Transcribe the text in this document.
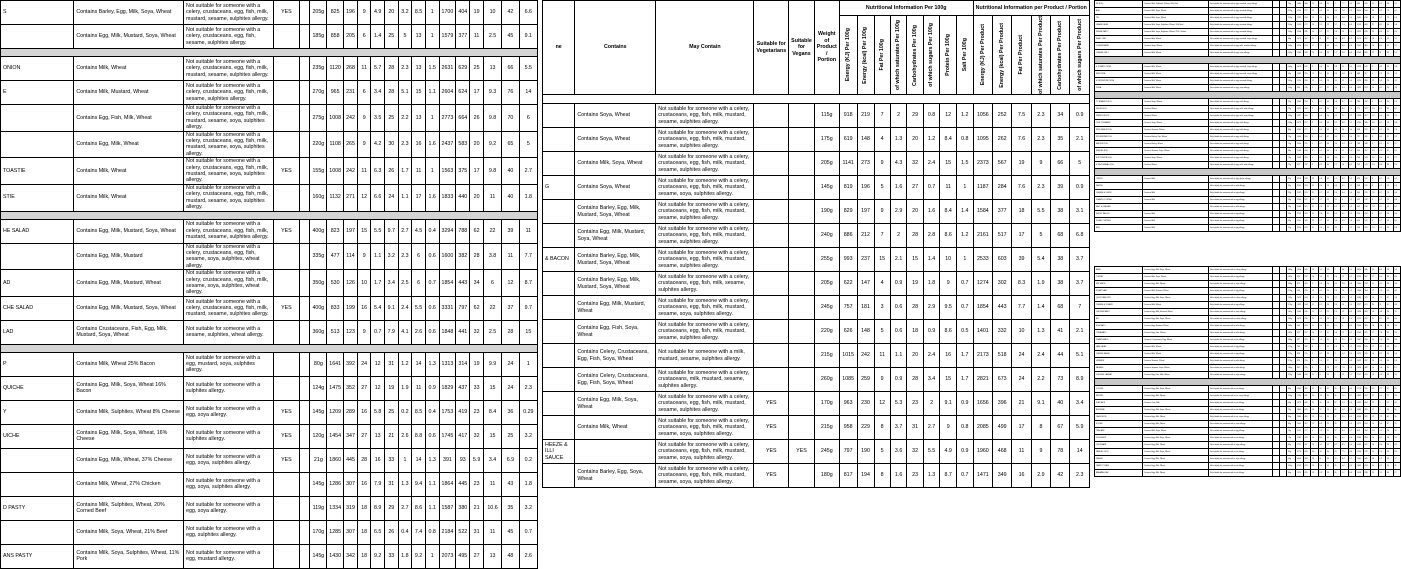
S	Contains Barley, Egg, Milk, Soya, Wheat	Not suitable for someone with a celery, crustaceans, egg, fish, milk, mustard, sesame, sulphites allergy.	YES		205g	825	196	9	4.9	20	3.2	8.5	1	1700	404	19	10	42	6.6
	Contains Egg, Milk, Mustard, Soya, Wheat	Not suitable for someone with a celery, crustaceans, egg, fish, sesame, sulphites allergy.			185g	858	205	6	1.4	25	5	13	1	1579	377	11	2.5	45	9.1

ONION	Contains Milk, Wheat	Not suitable for someone with a celery, crustaceans, egg, fish, milk, mustard, sesame, sulphites allergy.			235g	1120	268	11	5.7	28	2.3	13	1.5	2631	629	25	13	66	5.5
E	Contains Milk, Mustard, Wheat	Not suitable for someone with a celery, crustaceans, egg, fish, milk, sesame, sulphites allergy.			270g	965	231	6	3.4	28	5.1	15	1.1	2604	624	17	9.3	76	14
	Contains Egg, Fish, Milk, Wheat	Not suitable for someone with a celery, crustaceans, egg, fish, milk, mustard, sesame, soya, sulphites allergy.			275g	1008	242	9	3.5	25	2.2	13	1	2773	664	26	9.8	70	6
	Contains Egg, Milk, Wheat	Not suitable for someone with a celery, crustaceans, egg, fish, milk, mustard, sesame, soya, sulphites allergy.			220g	1108	265	9	4.2	30	2.3	16	1.6	2437	583	20	9.2	65	5
TOASTIE	Contains Milk, Wheat	Not suitable for someone with a celery, crustaceans, egg, fish, milk, mustard, sesame, soya, sulphites allergy.	YES		155g	1008	242	11	6.3	26	1.7	11	1	1563	375	17	9.8	40	2.7
STIE	Contains Milk, Wheat	Not suitable for someone with a celery, crustaceans, egg, fish, milk, mustard, sesame, soya, sulphites allergy.			160g	1132	271	12	6.6	24	1.1	17	1.6	1833	440	20	11	40	1.8

HE SALAD	Contains Egg, Milk, Mustard, Soya, Wheat	Not suitable for someone with a celery, crustaceans, egg, fish, milk, mustard, sesame, sulphites allergy.	YES		400g	823	197	15	5.5	9.7	2.7	4.5	0.4	3294	788	62	22	39	11
	Contains Egg, Milk, Mustard	Not suitable for someone with a celery, crustaceans, egg, fish, sesame, soya, sulphites, wheat allergy.			335g	477	114	9	1.1	3.2	2.3	6	0.6	1600	382	28	3.8	11	7.7
AD	Contains Egg, Milk, Mustard, Wheat	Not suitable for someone with a celery, crustaceans, egg, fish, milk, sesame, soya, sulphites, wheat allergy.			350g	530	126	10	1.7	3.4	2.5	6	0.7	1854	443	34	6	12	8.7
CHE SALAD	Contains Egg, Milk, Mustard, Soya, Wheat	Not suitable for someone with a celery, crustaceans, egg, fish, milk, mustard, sesame, sulphites allergy.	YES		400g	833	199	16	5.4	9.1	2.4	5.5	0.6	3331	797	62	22	37	9.7
LAD	Contains Crustaceans, Fish, Egg, Milk, Mustard, Soya, Wheat	Not suitable for someone with a sesame, sulphites, wheat allergy.			360g	513	123	9	0.7	7.9	4.1	2.6	0.6	1848	441	32	2.5	28	15

P	Contains Milk, Wheat 25% Bacon	Not suitable for someone with a egg, mustard, soya, sulphites allergy.			80g	1641	392	24	12	31	1.2	14	1.3	1313	314	19	9.9	24	1
QUICHE	Contains Egg, Milk, Soya, Wheat 16% Bacon	Not suitable for someone with a sulphites allergy.			124g	1475	352	27	12	19	1.9	11	0.9	1829	437	33	15	24	2.3
Y	Contains Milk, Sulphites, Wheat 8% Cheese	Not suitable for someone with a egg, soya allergy.	YES		145g	1209	289	16	5.8	25	0.2	8.5	0.4	1753	419	23	8.4	36	0.29
UICHE	Contains Egg, Milk, Soya, Wheat, 16% Cheese	Not suitable for someone with a sulphites allergy.	YES		120g	1454	347	27	13	21	2.6	8.8	0.6	1745	417	32	15	25	3.2
	Contains Egg, Milk, Wheat, 37% Cheese	Not suitable for someone with a egg, soya, sulphites allergy.	YES		21g	1860	445	28	16	33	1	14	1.3	391	93	5.9	3.4	6.9	0.2
	Contains Milk, Wheat, 27% Chicken	Not suitable for someone with a egg, soya, sulphites allergy.			145g	1286	307	16	7.9	31	1.3	9.4	1.1	1864	445	23	11	43	1.8
D PASTY	Contains Milk, Sulphites, Wheat, 20% Corned Beef	Not suitable for someone with a egg, soya allergy.			119g	1334	319	18	8.9	29	2.7	8.6	1.1	1587	380	21	10.6	35	3.2
	Contains Milk, Soya, Wheat, 21% Beef	Not suitable for someone with a egg, sulphites allergy.			170g	1285	307	18	6.5	26	0.4	7.4	0.8	2184	522	31	11	45	0.7
ANS PASTY	Contains Milk, Soya, Sulphites, Wheat, 11% Pork	Not suitable for someone with a egg, mustard allergy.			145g	1430	342	18	9.2	33	1.8	9.2	1	2073	495	27	13	48	2.6
ne	Contains	May Contain	Suitable for Vegetarians	Suitable for Vegans	Weight of Product / Portion	Nutritional Information Per 100g								Nutritional Information per Product / Portion					

						Energy (KJ) Per 100g	Energy (kcal) Per 100g	Fat Per 100g	of which saturates Per 100g	Carbohydrates Per 100g	of which sugars Per 100g	Protein Per 100g	Salt Per 100g	Energy (KJ) Per Product	Energy (kcal) Per Product	Fat Per Product	of which saturates Per Product	Carbohydrates Per Product	of which sugars Per Product

	Contains Soya, Wheat	Not suitable for someone with a celery, crustaceans, egg, fish, milk, mustard, sesame, sulphites allergy.			115g	918	219	7	2	29	0.8	12	1.2	1056	252	7.5	2.3	34	0.9
	Contains Soya, Wheat	Not suitable for someone with a celery, crustaceans, egg, fish, milk, mustard, sesame, sulphites allergy.			175g	619	148	4	1.3	20	1.2	8.4	0.8	1095	262	7.6	2.3	35	2.1
	Contains Milk, Soya, Wheat	Not suitable for someone with a celery, crustaceans, egg, fish, milk, mustard, sesame, sulphites allergy.			205g	1141	273	9	4.3	32	2.4	15	1.5	2373	567	19	9	66	5
G	Contains Soya, Wheat	Not suitable for someone with a celery, crustaceans, egg, fish, milk, mustard, sesame, soya, sulphites allergy.			145g	819	196	5	1.6	27	0.7	11	1	1187	284	7.6	2.3	39	0.9
	Contains Barley, Egg, Milk, Mustard, Soya, Wheat	Not suitable for someone with a celery, crustaceans, egg, fish, milk, mustard, sesame, sulphites allergy.			190g	829	197	9	2.9	20	1.6	8.4	1.4	1584	377	18	5.5	38	3.1
	Contains Egg, Milk, Mustard, Soya, Wheat	Not suitable for someone with a celery, crustaceans, egg, fish, milk, mustard, sesame, sulphites allergy.			240g	886	212	7	2	28	2.8	8.6	1.2	2161	517	17	5	68	6.8
& BACON	Contains Barley, Egg, Milk, Mustard, Soya, Wheat	Not suitable for someone with a celery, crustaceans, egg, fish, milk, mustard, sesame, sulphites allergy.			255g	993	237	15	2.1	15	1.4	10	1	2533	603	39	5.4	38	3.7
	Contains Barley, Egg, Milk, Mustard, Soya, Wheat	Not suitable for someone with a celery, crustaceans, egg, fish, milk, sesame, sulphites allergy.			205g	622	147	4	0.9	19	1.8	9	0.7	1274	302	8.3	1.9	38	3.7
	Contains Egg, Milk, Mustard, Wheat	Not suitable for someone with a celery, crustaceans, egg, fish, milk, mustard, sesame, soya, sulphites allergy.			245g	757	181	3	0.6	28	2.9	9.5	0.7	1854	443	7.7	1.4	68	7
	Contains Egg, Fish, Soya, Wheat	Not suitable for someone with a celery, crustaceans, egg, fish, milk, mustard, sesame, sulphites allergy.			220g	626	148	5	0.6	18	0.9	8.6	0.5	1401	332	10	1.3	41	2.1
	Contains Celery, Crustaceans, Egg, Fish, Soya, Wheat	Not suitable for someone with a milk, mustard, sesame, sulphites allergy.			215g	1015	242	11	1.1	20	2.4	16	1.7	2173	518	24	2.4	44	5.1
	Contains Celery, Crustaceans, Egg, Fish, Soya, Wheat	Not suitable for someone with a celery, crustaceans, milk, mustard, sesame, sulphites allergy.			260g	1085	259	9	0.9	28	3.4	15	1.7	2821	673	24	2.2	73	8.9
	Contains Egg, Milk, Soya, Wheat	Not suitable for someone with a celery, crustaceans, egg, fish, milk, mustard, sesame, sulphites allergy.	YES		170g	963	230	12	5.3	23	2	9.1	0.9	1656	396	21	9.1	40	3.4
	Contains Milk, Wheat	Not suitable for someone with a celery, crustaceans, egg, fish, milk, mustard, sesame, soya, sulphites allergy.	YES		215g	958	229	8	3.7	31	2.7	9	0.8	2085	499	17	8	67	5.9
HEEZE & ILLI SAUCE		Not suitable for someone with a celery, crustaceans, egg, fish, milk, mustard, sesame, soya, sulphites allergy.	YES	YES	245g	797	190	5	3.6	32	5.5	4.9	0.9	1960	468	11	9	78	14
	Contains Barley, Egg, Soya, Wheat	Not suitable for someone with a celery, crustaceans, egg, fish, milk, mustard, sesame, soya, sulphites allergy.	YES		180g	817	194	8	1.6	23	1.3	8.7	0.7	1471	349	16	2.9	42	2.3
SE ROLL	Contains Milk, Sulphites, Wheat, 40% Pork	Not suitable for someone with a egg, mustard, soya allergy.			70g	1406	336	22	8.8	23	1	7.7	1.0	984	235	15	6.2	16	0.7
ADE	Contains Milk, Soya, Wheat	Not suitable for someone with a egg, mustard allergy.			215g	1160	277	12	4.3	35	3.1	7.4	0.9	2494	596	26	9.2	75	6.7
TIE	Contains Milk, Soya, Wheat	Not suitable for someone with a egg, mustard allergy.			215g	1232	294	13	4.5	34	2.9	9.6	1.4	2649	633	28	9.7	73	6.2
LEAVED BEEF	Contains Milk, Soya, Sulphites, Wheat, 16% Beef	Not suitable for someone with a egg, mustard allergy.			150g	1139	272	14	5.5	29	3.7	7.3	0.8	1709	408	21	8.3	44	5.6
PENNE PASTY	Contains Milk, Soya, Sulphites, Wheat, 25% Chicken	Not suitable for someone with a egg, mustard allergy.			150g	1208	289	15	5.7	27	2.8	10	1.1	1812	433	23	8.6	41	4.2
WHEY ONLY	Contains Milk, Wheat	Not suitable for someone with a egg, mustard, soya allergy.			80g	1470	351	22	11	31	1.4	6.3	0.5	1176	281	18	8.8	25	1.1
CONVERSIATE	Contains Soya, Wheat	Not suitable for someone with a egg, milk, mustard allergy.			115g	1310	313	17	7.7	32	1.5	8.3	0.8	1507	360	20	8.9	37	1.7
CHEESE ONLY	Contains Milk, Wheat	Not suitable for someone with a egg, soya allergy.			110g	1403	335	20	9.9	29	1.7	9.6	0.9	1543	369	22	11	32	1.9

& TOMATO PIZZA	Contains Milk, Wheat	Not suitable for someone with a egg, mustard, soya allergy.			100g	1013	242	9	4.4	30	3.8	11	1.0	1013	242	9	4.4	30	3.8
MINI PIZZA	Contains Milk, Wheat	Not suitable for someone with a egg, mustard, soya allergy.			45g	1085	259	11	5.1	31	2.6	9.8	0.8	488	117	5	2.3	14	1.2
& PEPPERONI PIZZA	Contains Milk, Wheat	Not suitable for someone with a egg, mustard allergy.			100g	1120	268	12	5.6	28	3.1	12	1.4	1120	268	12	5.6	28	3.1
PIZZA	Contains Milk, Wheat	Not suitable for someone with a egg, soya allergy.			110g	999	239	9	4.1	31	3.9	9.3	0.9	1099	263	10	4.5	34	4.3

TC BRAND ROLLS	Contains Soya, Wheat	Not suitable for someone with a egg, milk allergy.			75g	1061	253	4	0.7	45	2.9	8.7	1.1	796	190	3	0.5	34	2.2
WHITE ROLL	Contains Wheat	Not suitable for someone with a egg, milk, soya allergy.			75g	1029	246	3	0.6	46	2.8	8.4	1.0	772	185	2.3	0.5	35	2.1
FRENCH STICK	Contains Wheat	Not suitable for someone with a egg, milk, soya allergy.			120g	1107	264	1	0.3	54	2.1	9.2	1.2	1328	317	1.2	0.4	65	2.5
TIGE TOSSANES	Contains Soya, Wheat	Not suitable for someone with a egg, milk allergy.			120g	1075	257	3	0.6	48	3.2	8.8	1.1	1290	308	3.6	0.7	58	3.8
WITH SEEDS ROLL	Contains Sesame, Wheat	Not suitable for someone with a egg, milk allergy.			80g	1160	277	7	0.9	42	2.5	10	1.0	928	222	5.6	0.7	34	2.0
RYE BROWN ROLL	Contains Barley, Rye, Wheat	Not suitable for someone with a egg, milk allergy.			75g	1009	241	4	0.6	41	3.3	9.1	1.0	757	181	3	0.5	31	2.5
MALTED ROLL	Contains Barley, Wheat	Not suitable for someone with a egg, milk allergy.			75g	1050	251	4	0.7	43	3.6	9.4	0.9	788	188	3	0.5	32	2.7
SEEDED ROLL	Contains Sesame, Soya, Wheat	Not suitable for someone with a egg, milk allergy.			80g	1188	284	8	1.1	40	2.8	11	1.0	950	227	6.4	0.9	32	2.2
SOFT WHITE ROLL	Contains Soya, Wheat	Not suitable for someone with a egg, milk allergy.			70g	1092	261	4	0.9	46	3.9	8.5	1.0	764	183	2.8	0.6	32	2.7
& WHOLEMEAL ROLL	Contains Wheat	Not suitable for someone with a egg, milk, soya allergy.			75g	991	237	3	0.5	40	2.7	10	0.9	743	178	2.3	0.4	30	2.0

CRISPS	Contains Milk	Not suitable for someone with a egg, gluten allergy.			25g	2210	528	32	2.8	52	2.1	6.2	1.3	553	132	8	0.7	13	0.5
SALTED		Not suitable for someone with a milk allergy.			25g	2190	524	32	2.6	53	0.6	6.1	1.2	548	131	8	0.7	13	0.2
CHEESE & ONION	Contains Milk	Not suitable for someone with a egg allergy.			25g	2197	525	31	2.7	53	2.4	6.4	1.4	549	131	7.8	0.7	13	0.6
PRAWN COCKTAIL	Contains Milk	Not suitable for someone with a egg allergy.			25g	2204	527	32	2.7	52	3.1	6	1.2	551	132	8	0.7	13	0.8
SALT & VINEGAR		Not suitable for someone with a milk allergy.			25g	2180	521	31	2.6	53	0.5	6.1	1.9	545	130	7.8	0.7	13	0.1
SMOKY BACON	Contains Milk	Not suitable for someone with a egg allergy.			25g	2212	529	32	2.8	52	2.2	6.5	1.3	553	132	8	0.7	13	0.6
ROAST CHICKEN	Contains Milk	Not suitable for someone with a egg allergy.			25g	2201	526	32	2.7	52	1.8	6.3	1.3	550	132	8	0.7	13	0.5
BBQ	Contains Milk	Not suitable for someone with a egg allergy.			25g	2190	523	31	2.6	53	3.3	6	1.2	548	131	7.8	0.7	13	0.8
BEEF	Contains Egg, Milk, Soya, Wheat	Not suitable for someone with a celery allergy.			160g	1010	241	13	5.2	21	2	10	1.1	1616	386	21	8.3	34	3.2
TURKEY	Contains Milk, Soya, Wheat	Not suitable for someone with a egg allergy.			165g	930	222	10	3.9	22	2.4	11	1.2	1535	367	17	6.4	36	4.0
MIX WHITE	Contains Egg, Milk, Wheat	Not suitable for someone with a soya allergy.			160g	875	209	9	2.8	24	2.1	8.8	0.8	1400	334	14	4.5	38	3.4
ROAST HAM	Contains Milk, Mustard, Wheat	Not suitable for someone with a egg allergy.			170g	946	226	10	4.1	23	2.9	10	1.5	1608	384	17	7.0	39	4.9
QUICK SAVOURY	Contains Egg, Milk, Soya, Wheat	Not suitable for someone with a celery allergy.			155g	1023	244	12	4.6	24	2.2	9.5	1.2	1586	379	19	7.1	37	3.4
CHEESE & TOMATO	Contains Milk, Wheat	Not suitable for someone with a egg allergy.			170g	1022	244	12	6.2	24	2.8	10	1.0	1737	415	20	11	41	4.8
CHICKEN MAYO	Contains Egg, Milk, Mustard, Wheat	Not suitable for someone with a soya allergy.			165g	1005	240	11	2.2	22	1.9	12	0.9	1658	396	18	3.6	36	3.1
BLT	Contains Egg, Milk, Soya, Wheat	Not suitable for someone with a celery allergy.			160g	1078	258	13	3.9	24	2.5	10	1.4	1725	412	21	6.2	38	4.0
EGG MAYO	Contains Egg, Mustard, Wheat	Not suitable for someone with a milk allergy.			160g	943	225	11	2.4	21	2.1	9	0.9	1509	360	18	3.8	34	3.4
TUNA MAYO	Contains Egg, Fish, Wheat	Not suitable for someone with a milk allergy.			165g	951	227	10	1.7	21	1.8	12	1.1	1569	375	17	2.8	35	3.0
PRAWN MAYO	Contains Crustaceans, Egg, Wheat	Not suitable for someone with a fish allergy.			160g	917	219	10	1.5	21	2.2	9.5	1.0	1467	350	16	2.4	34	3.5
HAM SALAD	Contains Milk, Wheat	Not suitable for someone with a egg allergy.			175g	760	182	6	2	22	2.9	10	1.3	1330	318	11	3.5	39	5.1
CHEESE SALAD	Contains Milk, Wheat	Not suitable for someone with a egg allergy.			175g	898	215	9	4.7	23	3	9.4	0.9	1572	376	16	8.2	40	5.3
HUMMUS	Contains Sesame, Wheat	Not suitable for someone with a milk allergy.			170g	878	210	8	1.1	27	3.4	7	0.8	1493	357	14	1.9	46	5.8
FALAFEL	Contains Sesame, Soya, Wheat	Not suitable for someone with a milk allergy.			180g	902	216	8	1	28	3.7	7.6	0.9	1624	389	14	1.8	50	6.7
CHICKEN CAESAR	Contains Egg, Fish, Milk, Wheat	Not suitable for someone with a soya allergy.			175g	1004	240	11	3	22	2	13	1.1	1757	420	19	5.3	39	3.5

COOKIE	Contains Egg, Milk, Soya, Wheat	Not suitable for someone with a nut allergy.			60g	1960	468	22	12	61	33	5.5	0.6	1176	281	13	7.2	37	20
MUFFIN	Contains Egg, Milk, Wheat	Not suitable for someone with a nut, soya allergy.			110g	1720	411	20	3.3	52	30	5.6	0.7	1892	452	22	3.6	57	33
FLAPJACK	Contains Oats, Milk	Not suitable for someone with a nut allergy.			90g	1879	449	21	10	58	31	5.3	0.4	1691	404	19	9	52	28
BROWNIE	Contains Egg, Milk, Soya, Wheat	Not suitable for someone with a nut allergy.			75g	1844	441	23	12	53	40	5.4	0.3	1383	331	17	9	40	30
CAKE SLICE	Contains Egg, Milk, Wheat	Not suitable for someone with a nut, soya allergy.			80g	1683	402	19	9.9	53	37	4.9	0.5	1346	322	15	7.9	42	30
SCONE	Contains Egg, Milk, Wheat	Not suitable for someone with a soya allergy.			85g	1495	357	12	6.6	55	18	7	0.9	1271	303	10	5.6	47	15
TEACAKE	Contains Milk, Soya, Wheat	Not suitable for someone with a egg allergy.			70g	1161	277	4	1.5	51	17	8.4	0.7	813	194	2.8	1.1	36	12
DOUGHNUT	Contains Egg, Milk, Soya, Wheat	Not suitable for someone with a nut allergy.			75g	1585	379	19	8.9	45	18	6.1	0.6	1189	284	14	6.7	34	14
CROISSANT	Contains Egg, Milk, Wheat	Not suitable for someone with a soya allergy.			60g	1721	411	23	14	43	8.2	8.3	1.0	1033	247	14	8.4	26	4.9
PAIN AU CHOC	Contains Egg, Milk, Soya, Wheat	Not suitable for someone with a nut allergy.			65g	1776	424	24	14	44	13	7.5	0.8	1154	276	16	9.1	29	8.5
DANISH	Contains Egg, Milk, Wheat	Not suitable for someone with a soya allergy.			90g	1604	383	20	11	44	19	6.4	0.7	1444	345	18	9.9	40	17
CARROT CAKE	Contains Egg, Milk, Wheat	Not suitable for someone with a nut allergy.			110g	1726	412	22	5.6	49	35	4.6	0.6	1899	453	24	6.2	54	39
BANANA LOAF	Contains Egg, Milk, Wheat	Not suitable for someone with a nut allergy.			90g	1575	376	16	2.3	53	30	5.2	0.6	1418	338	14	2.1	48	27
